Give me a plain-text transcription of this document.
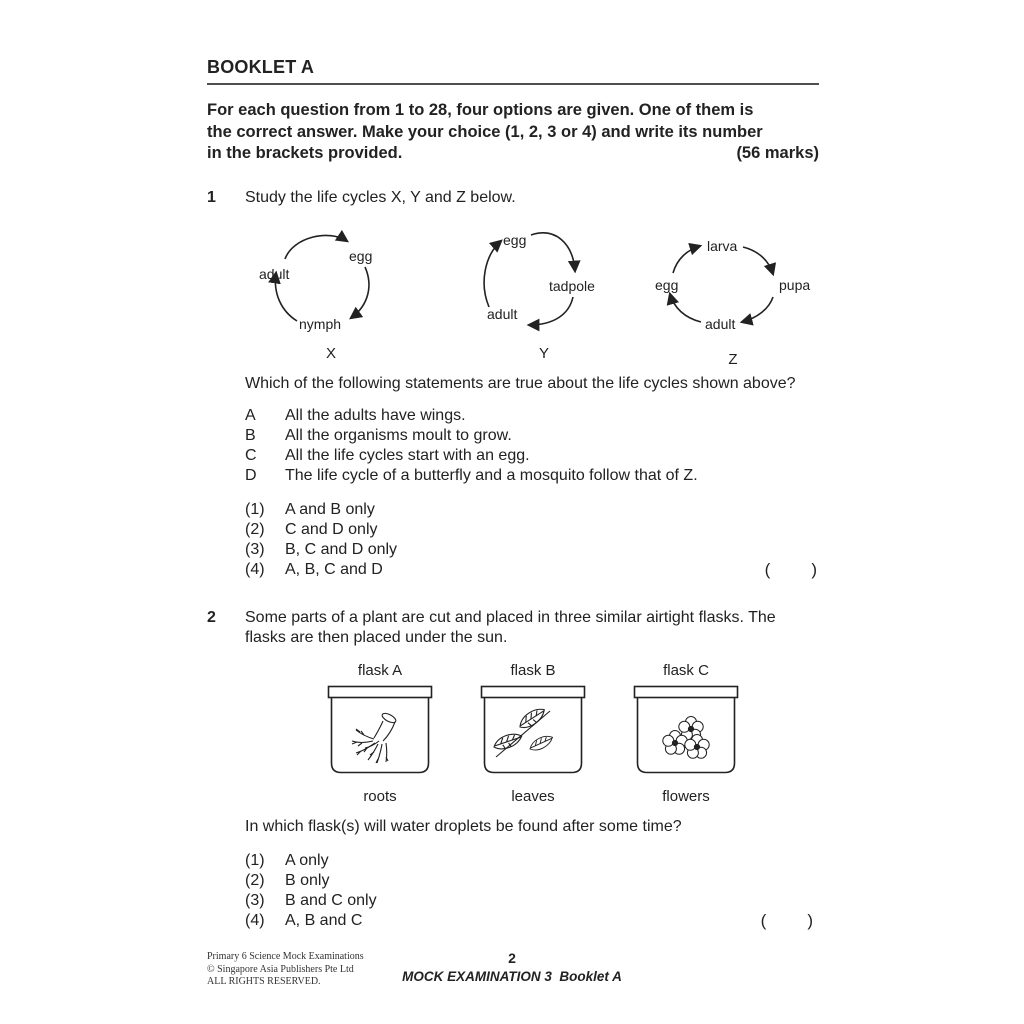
BOOKLET A
For each question from 1 to 28, four options are given. One of them is
the correct answer. Make your choice (1, 2, 3 or 4) and write its number
in the brackets provided.	(56 marks)
1	Study the life cycles X, Y and Z below.
egg
adult
nymph
X
egg
tadpole
adult
Y
larva
egg	pupa
adult
Z
Which of the following statements are true about the life cycles shown above?
A	All the adults have wings.
B	All the organisms moult to grow.
C	All the life cycles start with an egg.
D	The life cycle of a butterfly and a mosquito follow that of Z.
(1)	A and B only
(2)	C and D only
(3)	B, C and D only
(4)	A, B, C and D	( )
2	Some parts of a plant are cut and placed in three similar airtight flasks. The
flasks are then placed under the sun.
flask A
roots
flask B
leaves
flask C
flowers
In which flask(s) will water droplets be found after some time?
(1)	A only
(2)	B only
(3)	B and C only
(4)	A, B and C	( )
Primary 6 Science Mock Examinations
© Singapore Asia Publishers Pte Ltd
ALL RIGHTS RESERVED.
2
MOCK EXAMINATION 3  Booklet A
